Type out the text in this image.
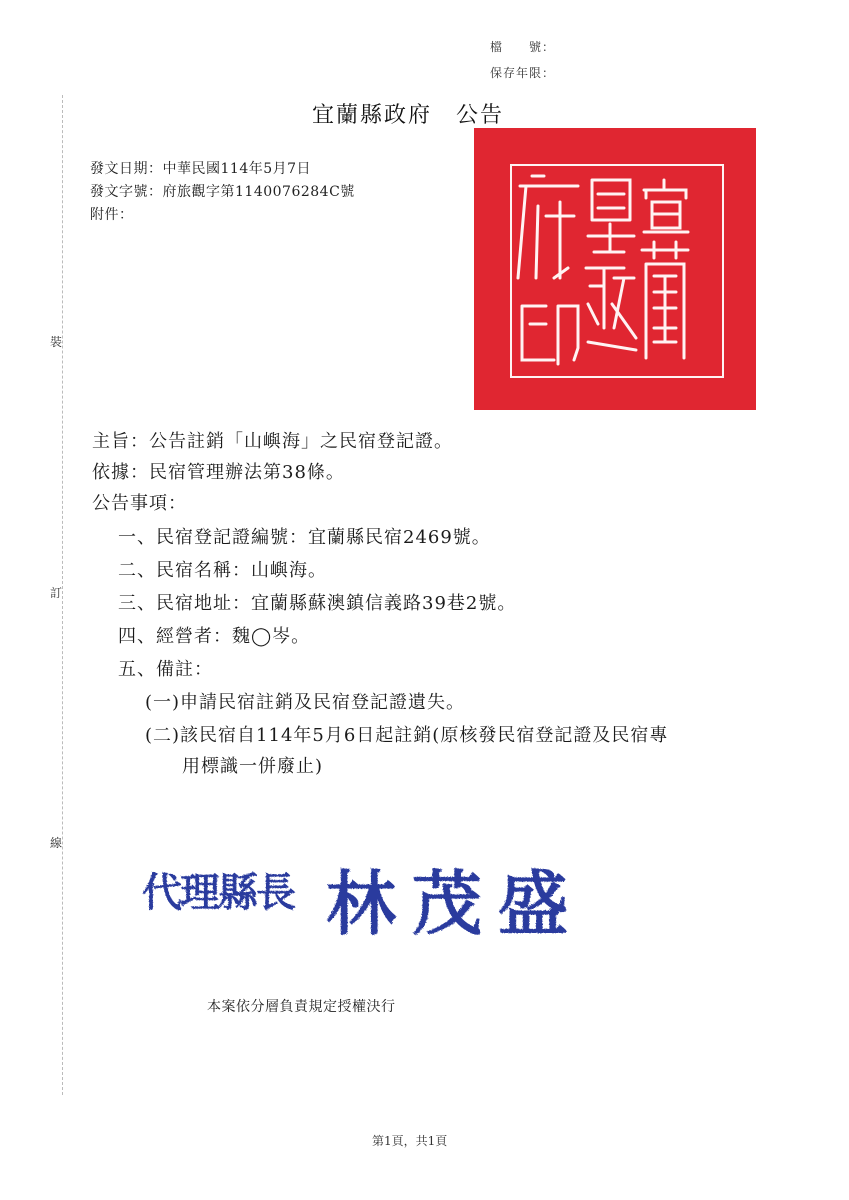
檔　　號：
保存年限：
裝
訂
線
宜蘭縣政府　公告
發文日期：中華民國114年5月7日
發文字號：府旅觀字第1140076284C號
附件：
主旨：公告註銷「山嶼海」之民宿登記證。
依據：民宿管理辦法第38條。
公告事項：
一、民宿登記證編號：宜蘭縣民宿2469號。
二、民宿名稱：山嶼海。
三、民宿地址：宜蘭縣蘇澳鎮信義路39巷2號。
四、經營者：魏◯岑。
五、備註：
(一)申請民宿註銷及民宿登記證遺失。
(二)該民宿自114年5月6日起註銷(原核發民宿登記證及民宿專
用標識一併廢止)
代理縣長 林茂盛
本案依分層負責規定授權決行
第1頁，共1頁
